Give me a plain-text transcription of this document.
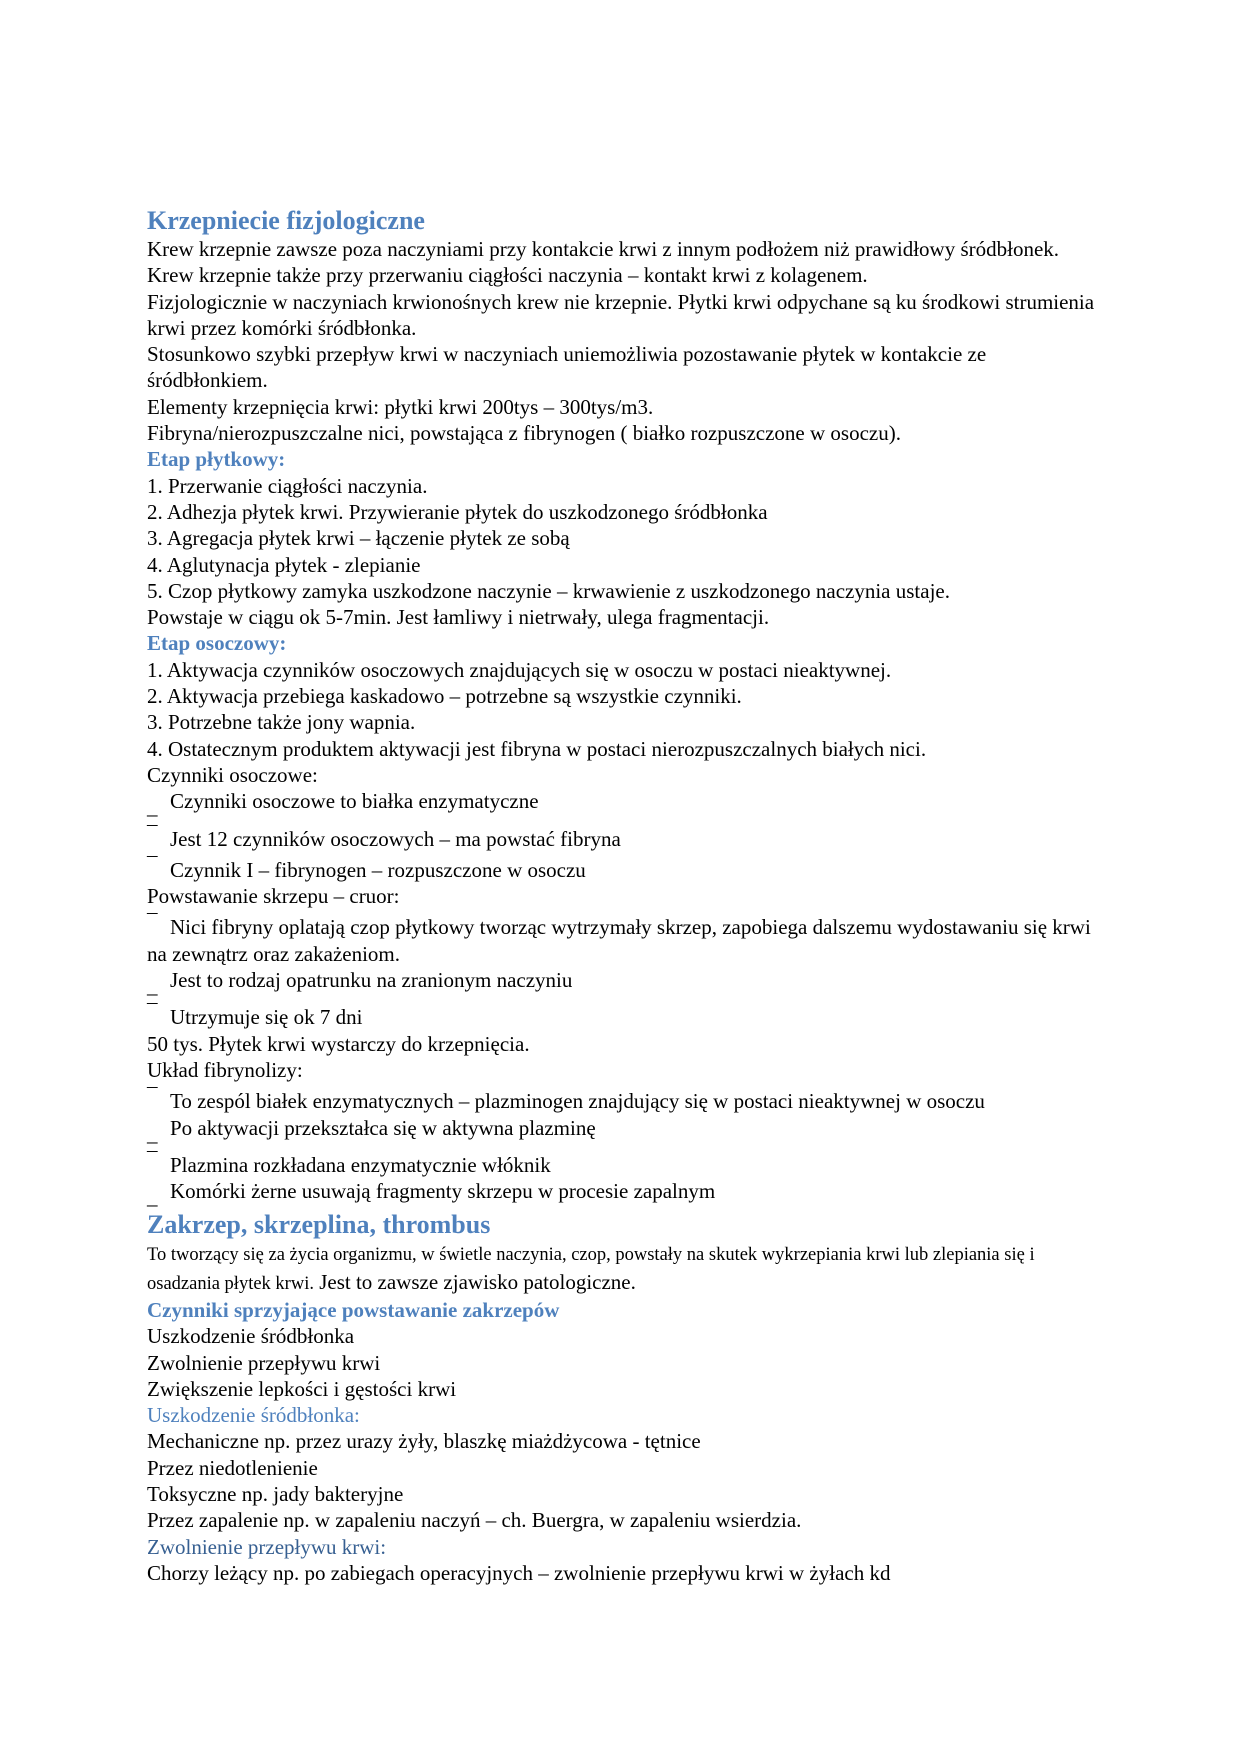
Krzepniecie fizjologiczne

Krew krzepnie zawsze poza naczyniami przy kontakcie krwi z innym podłożem niż prawidłowy śródbłonek.

Krew krzepnie także przy przerwaniu ciągłości naczynia – kontakt krwi z kolagenem.

Fizjologicznie w naczyniach krwionośnych krew nie krzepnie. Płytki krwi odpychane są ku środkowi strumienia krwi przez komórki śródbłonka.

Stosunkowo szybki przepływ krwi w naczyniach uniemożliwia pozostawanie płytek w kontakcie ze śródbłonkiem.

Elementy krzepnięcia krwi: płytki krwi 200tys – 300tys/m3.

Fibryna/nierozpuszczalne nici, powstająca z fibrynogen ( białko rozpuszczone w osoczu).

Etap płytkowy:

1. Przerwanie ciągłości naczynia.

2. Adhezja płytek krwi. Przywieranie płytek do uszkodzonego śródbłonka

3. Agregacja płytek krwi – łączenie płytek ze sobą

4. Aglutynacja płytek - zlepianie

5. Czop płytkowy zamyka uszkodzone naczynie – krwawienie z uszkodzonego naczynia ustaje.

Powstaje w ciągu ok 5-7min. Jest łamliwy i nietrwały, ulega fragmentacji.

Etap osoczowy:

1. Aktywacja czynników osoczowych znajdujących się w osoczu w postaci nieaktywnej.

2. Aktywacja przebiega kaskadowo – potrzebne są wszystkie czynniki.

3. Potrzebne także jony wapnia.

4. Ostatecznym produktem aktywacji jest fibryna w postaci nierozpuszczalnych białych nici.

Czynniki osoczowe:

_ Czynniki osoczowe to białka enzymatyczne

¯ Jest 12 czynników osoczowych – ma powstać fibryna

¯ Czynnik I – fibrynogen – rozpuszczone w osoczu

Powstawanie skrzepu – cruor:

¯ Nici fibryny oplatają czop płytkowy tworząc wytrzymały skrzep, zapobiega dalszemu wydostawaniu się krwi na zewnątrz oraz zakażeniom.

_ Jest to rodzaj opatrunku na zranionym naczyniu

¯ Utrzymuje się ok 7 dni

50 tys. Płytek krwi wystarczy do krzepnięcia.

Układ fibrynolizy:

¯ To zespól białek enzymatycznych – plazminogen znajdujący się w postaci nieaktywnej w osoczu

_ Po aktywacji przekształca się w aktywna plazminę

¯ Plazmina rozkładana enzymatycznie włóknik

_ Komórki żerne usuwają fragmenty skrzepu w procesie zapalnym

Zakrzep, skrzeplina, thrombus

To tworzący się za życia organizmu, w świetle naczynia, czop, powstały na skutek wykrzepiania krwi lub zlepiania się i osadzania płytek krwi. Jest to zawsze zjawisko patologiczne.

Czynniki sprzyjające powstawanie zakrzepów

Uszkodzenie śródbłonka

Zwolnienie przepływu krwi

Zwiększenie lepkości i gęstości krwi

Uszkodzenie śródbłonka:

Mechaniczne np. przez urazy żyły, blaszkę miażdżycowa - tętnice

Przez niedotlenienie

Toksyczne np. jady bakteryjne

Przez zapalenie np. w zapaleniu naczyń – ch. Buergra, w zapaleniu wsierdzia.

Zwolnienie przepływu krwi:

Chorzy leżący np. po zabiegach operacyjnych – zwolnienie przepływu krwi w żyłach kd
